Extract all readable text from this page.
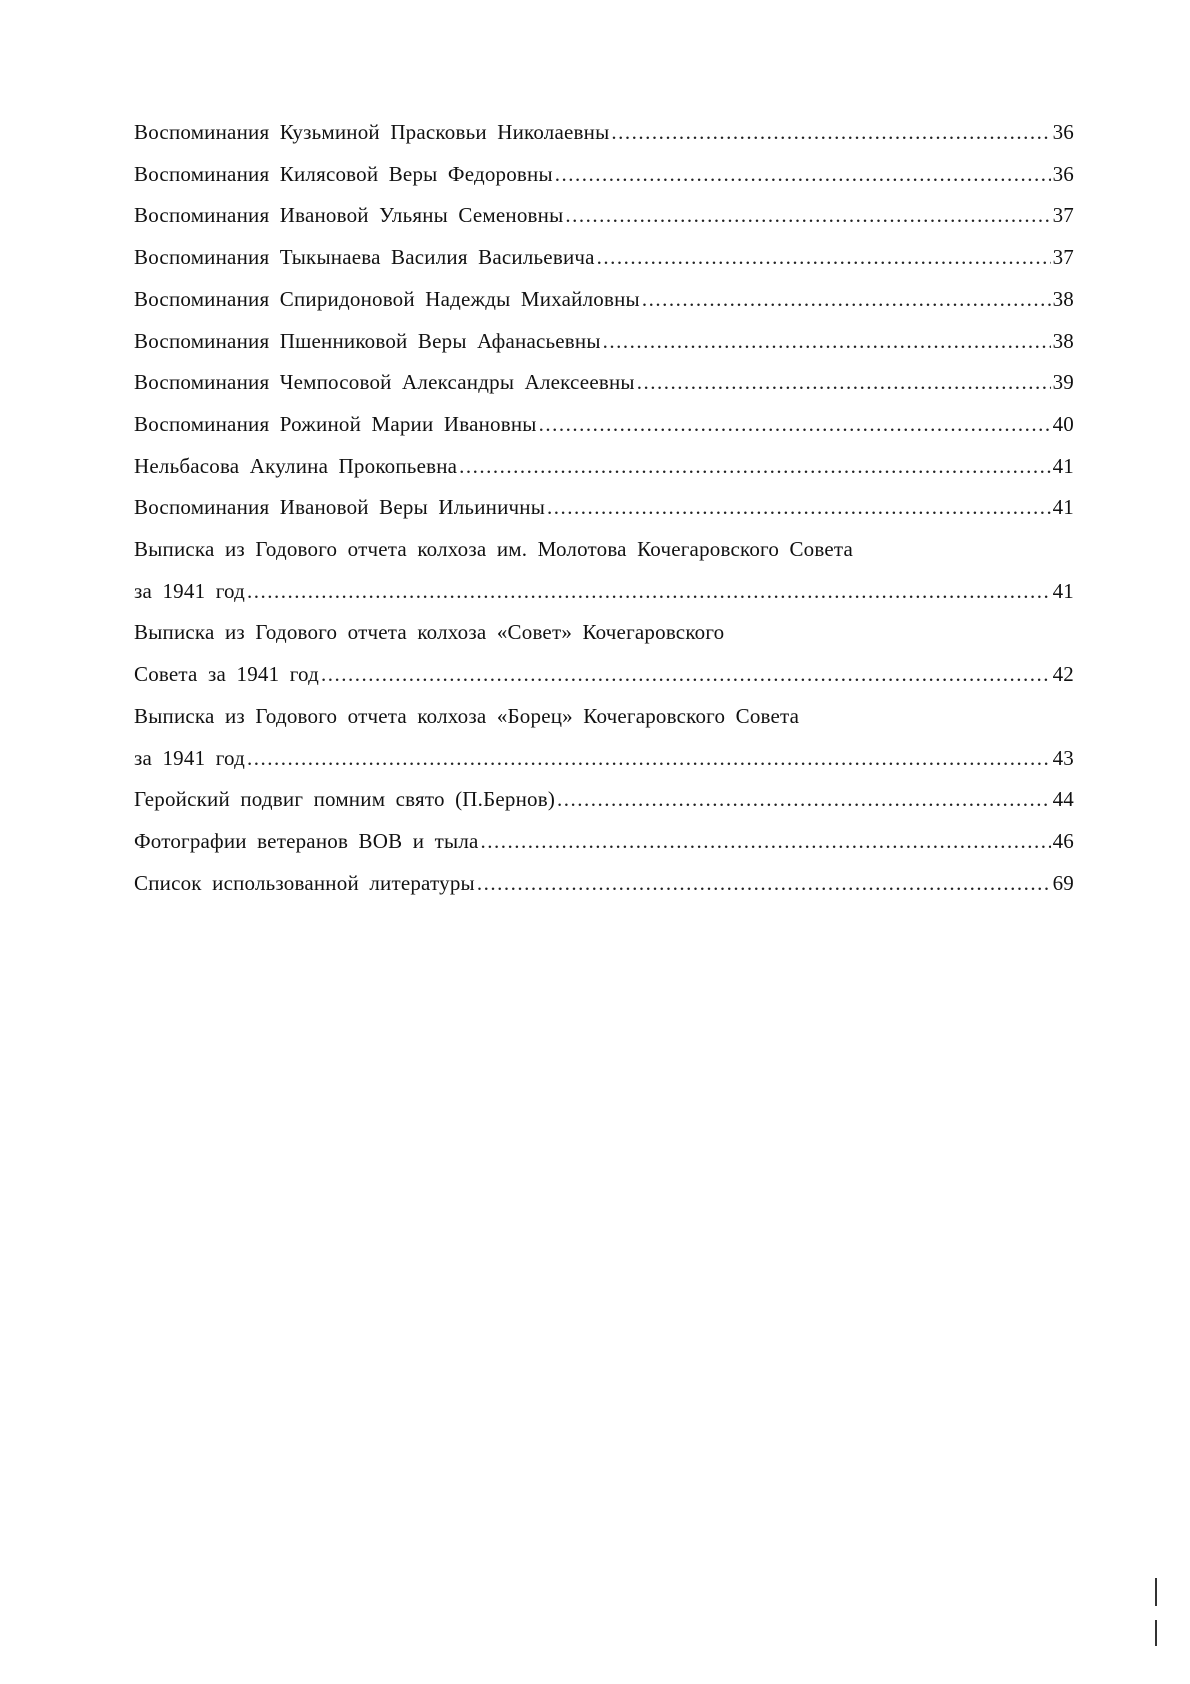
Воспоминания Кузьминой Прасковьи Николаевны .....	36
Воспоминания Килясовой Веры Федоровны .....	36
Воспоминания Ивановой Ульяны Семеновны .....	37
Воспоминания Тыкынаева Василия Васильевича .....	37
Воспоминания Спиридоновой Надежды Михайловны .....	38
Воспоминания Пшенниковой Веры Афанасьевны .....	38
Воспоминания Чемпосовой Александры Алексеевны .....	39
Воспоминания Рожиной Марии Ивановны .....	40
Нельбасова Акулина Прокопьевна .....	41
Воспоминания Ивановой Веры Ильиничны .....	41
Выписка из Годового отчета колхоза им. Молотова Кочегаровского Совета
за 1941 год .....	41
Выписка из Годового отчета колхоза «Совет» Кочегаровского
Совета за 1941 год .....	42
Выписка из Годового отчета колхоза «Борец» Кочегаровского Совета
за 1941 год .....	43
Геройский подвиг помним свято (П.Бернов) .....	44
Фотографии ветеранов ВОВ и тыла .....	46
Список использованной литературы .....	69
